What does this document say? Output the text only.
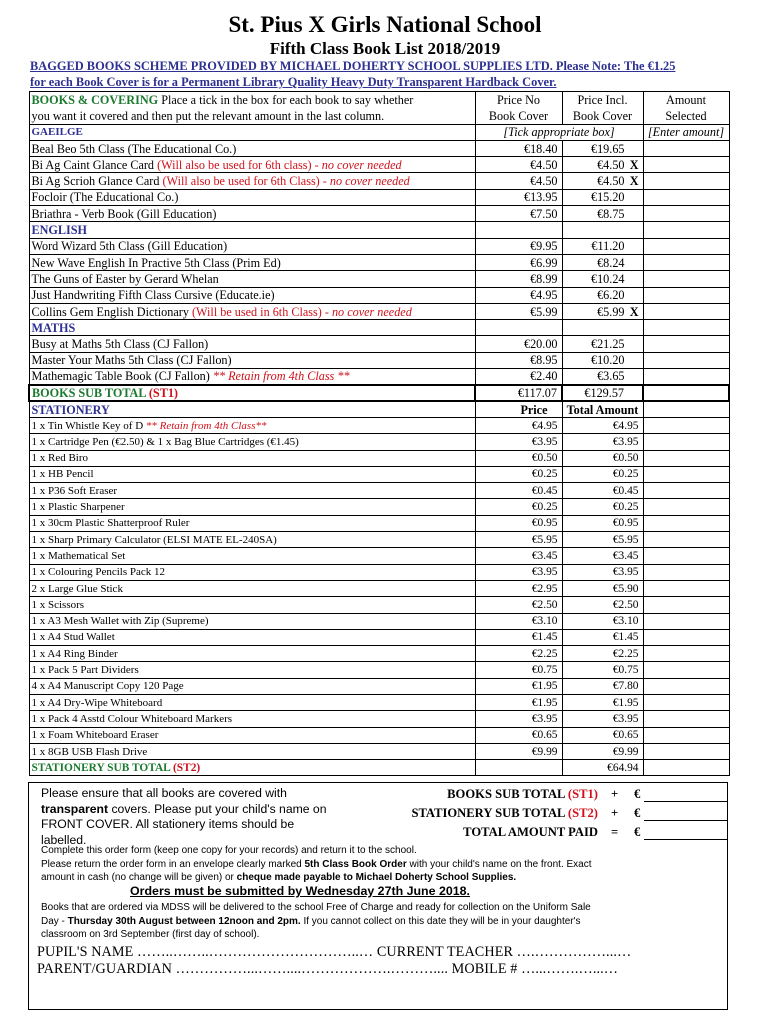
St. Pius X Girls National School
Fifth Class Book List 2018/2019
BAGGED BOOKS SCHEME PROVIDED BY MICHAEL DOHERTY SCHOOL SUPPLIES LTD. Please Note: The €1.25
for each Book Cover is for a Permanent Library Quality Heavy Duty Transparent Hardback Cover.
BOOKS & COVERING Place a tick in the box for each book to say whether	Price No	Price Incl.	Amount
you want it covered and then put the relevant amount in the last column.	Book Cover	Book Cover	Selected
GAEILGE	[Tick appropriate box]		[Enter amount]
Beal Beo 5th Class (The Educational Co.)	€18.40	€19.65	
Bi Ag Caint Glance Card (Will also be used for 6th class) - no cover needed	€4.50	€4.50 X	

Bi Ag Scrioh Glance Card (Will also be used for 6th Class) - no cover needed	€4.50	€4.50 X	

Focloir (The Educational Co.)	€13.95	€15.20	
Briathra - Verb Book (Gill Education)	€7.50	€8.75	
ENGLISH			
Word Wizard 5th Class (Gill Education)	€9.95	€11.20	
New Wave English In Practive 5th Class (Prim Ed)	€6.99	€8.24	
The Guns of Easter by Gerard Whelan	€8.99	€10.24	
Just Handwriting Fifth Class Cursive (Educate.ie)	€4.95	€6.20	
Collins Gem English Dictionary (Will be used in 6th Class) - no cover needed	€5.99	€5.99 X	

MATHS			
Busy at Maths 5th Class (CJ Fallon)	€20.00	€21.25	
Master Your Maths 5th Class (CJ Fallon)	€8.95	€10.20	
Mathemagic Table Book (CJ Fallon) ** Retain from 4th Class **	€2.40	€3.65	
BOOKS SUB TOTAL (ST1)	€117.07	€129.57	
STATIONERY	Price	Total Amount	
1 x Tin Whistle Key of D ** Retain from 4th Class**	€4.95	€4.95	
1 x Cartridge Pen (€2.50) & 1 x Bag Blue Cartridges (€1.45)	€3.95	€3.95	
1 x Red Biro	€0.50	€0.50	
1 x HB Pencil	€0.25	€0.25	
1 x P36 Soft Eraser	€0.45	€0.45	
1 x Plastic Sharpener	€0.25	€0.25	
1 x 30cm Plastic Shatterproof Ruler	€0.95	€0.95	
1 x Sharp Primary Calculator (ELSI MATE EL-240SA)	€5.95	€5.95	
1 x Mathematical Set	€3.45	€3.45	
1 x Colouring Pencils Pack 12	€3.95	€3.95	
2 x Large Glue Stick	€2.95	€5.90	
1 x Scissors	€2.50	€2.50	
1 x A3 Mesh Wallet with Zip (Supreme)	€3.10	€3.10	
1 x A4 Stud Wallet	€1.45	€1.45	
1 x A4 Ring Binder	€2.25	€2.25	
1 x Pack 5 Part Dividers	€0.75	€0.75	
4 x A4 Manuscript Copy 120 Page	€1.95	€7.80	
1 x A4 Dry-Wipe Whiteboard	€1.95	€1.95	
1 x Pack 4 Asstd Colour Whiteboard Markers	€3.95	€3.95	
1 x Foam Whiteboard Eraser	€0.65	€0.65	
1 x 8GB USB Flash Drive	€9.99	€9.99	
STATIONERY SUB TOTAL (ST2)		€64.94	
Please ensure that all books are covered with
transparent covers. Please put your child's name on
FRONT COVER. All stationery items should be labelled.
BOOKS SUB TOTAL (ST1) + €
STATIONERY SUB TOTAL (ST2) + €
TOTAL AMOUNT PAID = €
Complete this order form (keep one copy for your records) and return it to the school.
Please return the order form in an envelope clearly marked 5th Class Book Order with your child's name on the front. Exact
amount in cash (no change will be given) or cheque made payable to Michael Doherty School Supplies.
Orders must be submitted by Wednesday 27th June 2018.
Books that are ordered via MDSS will be delivered to the school Free of Charge and ready for collection on the Uniform Sale
Day - Thursday 30th August between 12noon and 2pm. If you cannot collect on this date they will be in your daughter's
classroom on 3rd September (first day of school).
PUPIL'S NAME ……..……..…………………………..… CURRENT TEACHER ….……………...…
PARENT/GUARDIAN ……………...……....……………….……….... MOBILE # …...…….…...…
